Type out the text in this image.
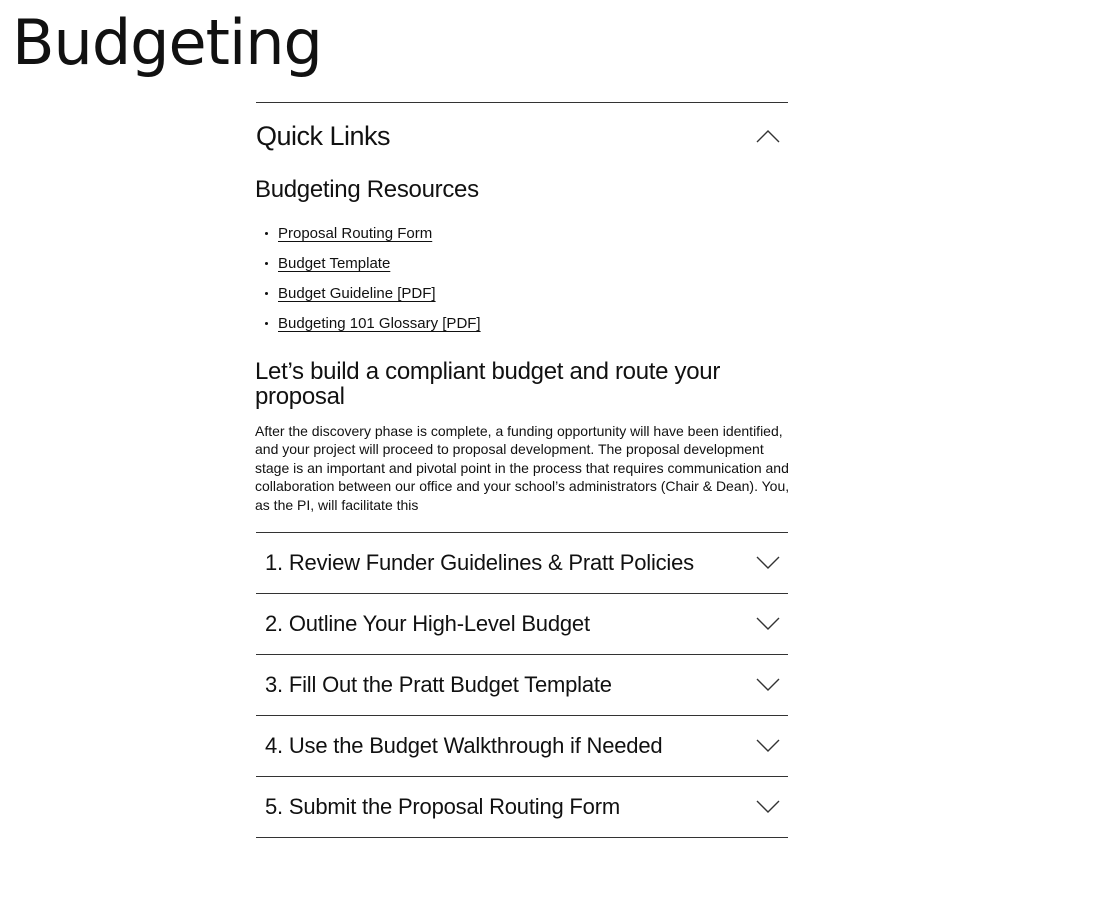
Budgeting
Quick Links
Budgeting Resources
Proposal Routing Form
Budget Template
Budget Guideline [PDF]
Budgeting 101 Glossary [PDF]
Let’s build a compliant budget and route your proposal

After the discovery phase is complete, a funding opportunity will have been identified, and your project will proceed to proposal development. The proposal development stage is an important and pivotal point in the process that requires communication and collaboration between our office and your school’s administrators (Chair & Dean). You, as the PI, will facilitate this

1. Review Funder Guidelines & Pratt Policies
2. Outline Your High-Level Budget
3. Fill Out the Pratt Budget Template
4. Use the Budget Walkthrough if Needed
5. Submit the Proposal Routing Form
